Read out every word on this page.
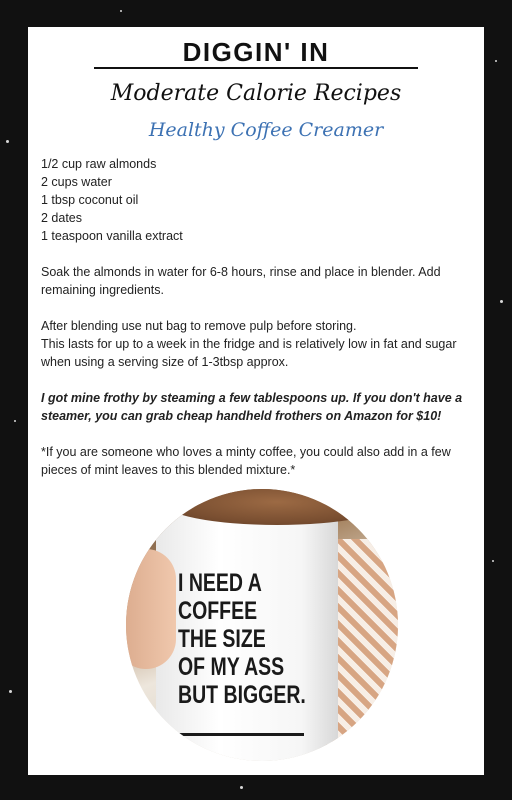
DIGGIN' IN
Moderate Calorie Recipes
Healthy Coffee Creamer
1/2 cup raw almonds
2 cups water
1 tbsp coconut oil
2 dates
1 teaspoon vanilla extract

Soak the almonds in water for 6-8 hours, rinse and place in blender. Add remaining ingredients.

After blending use nut bag to remove pulp before storing.
This lasts for up to a week in the fridge and is relatively low in fat and sugar when using a serving size of 1-3tbsp approx.

I got mine frothy by steaming a few tablespoons up. If you don't have a steamer, you can grab cheap handheld frothers on Amazon for $10!

*If you are someone who loves a minty coffee, you could also add in a few pieces of mint leaves to this blended mixture.*

I NEED A
COFFEE
THE SIZE
OF MY ASS
BUT BIGGER.
